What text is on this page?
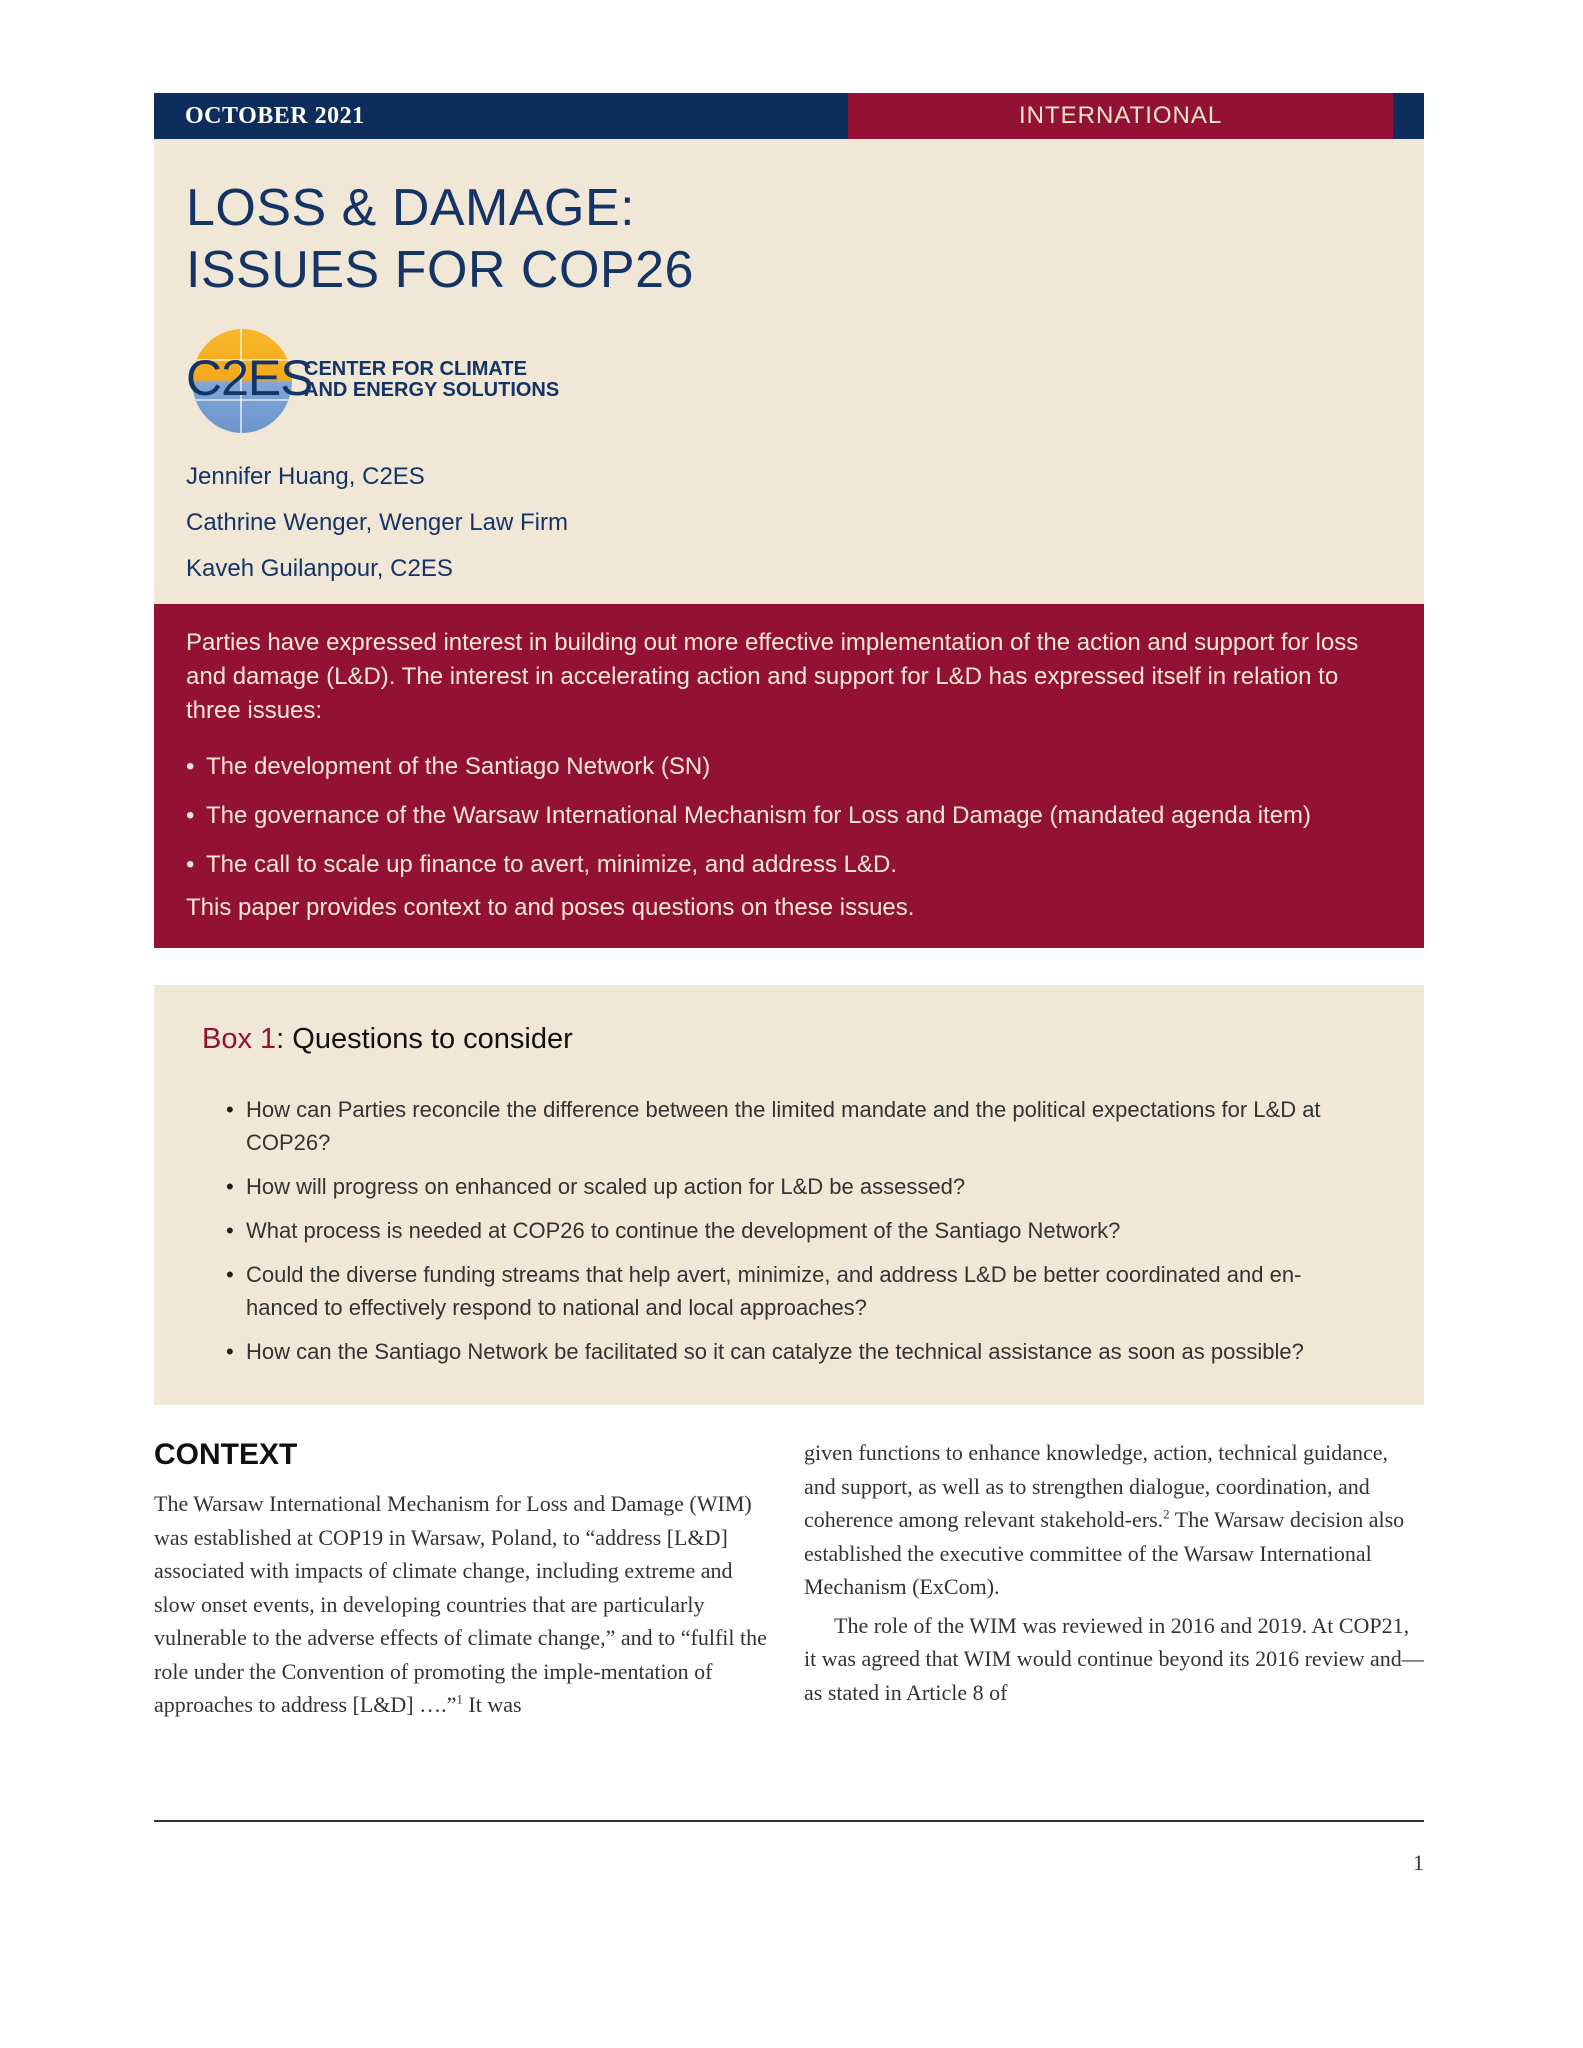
OCTOBER 2021	INTERNATIONAL
LOSS & DAMAGE:
ISSUES FOR COP26
C2ES
CENTER FOR CLIMATE
AND ENERGY SOLUTIONS
Jennifer Huang, C2ES
Cathrine Wenger, Wenger Law Firm
Kaveh Guilanpour, C2ES
Parties have expressed interest in building out more effective implementation of the action and support for loss and damage (L&D). The interest in accelerating action and support for L&D has expressed itself in relation to three issues:
• The development of the Santiago Network (SN)
• The governance of the Warsaw International Mechanism for Loss and Damage (mandated agenda item)
• The call to scale up finance to avert, minimize, and address L&D.
This paper provides context to and poses questions on these issues.
Box 1: Questions to consider
• How can Parties reconcile the difference between the limited mandate and the political expectations for L&D at COP26?
• How will progress on enhanced or scaled up action for L&D be assessed?
• What process is needed at COP26 to continue the development of the Santiago Network?
• Could the diverse funding streams that help avert, minimize, and address L&D be better coordinated and en-hanced to effectively respond to national and local approaches?
• How can the Santiago Network be facilitated so it can catalyze the technical assistance as soon as possible?
CONTEXT

The Warsaw International Mechanism for Loss and Damage (WIM) was established at COP19 in Warsaw, Poland, to “address [L&D] associated with impacts of climate change, including extreme and slow onset events, in developing countries that are particularly vulnerable to the adverse effects of climate change,” and to “fulfil the role under the Convention of promoting the imple-mentation of approaches to address [L&D] ….”$^1$ It was

given functions to enhance knowledge, action, technical guidance, and support, as well as to strengthen dialogue, coordination, and coherence among relevant stakehold-ers.$^2$ The Warsaw decision also established the executive committee of the Warsaw International Mechanism (ExCom).

The role of the WIM was reviewed in 2016 and 2019. At COP21, it was agreed that WIM would continue beyond its 2016 review and—as stated in Article 8 of

1
